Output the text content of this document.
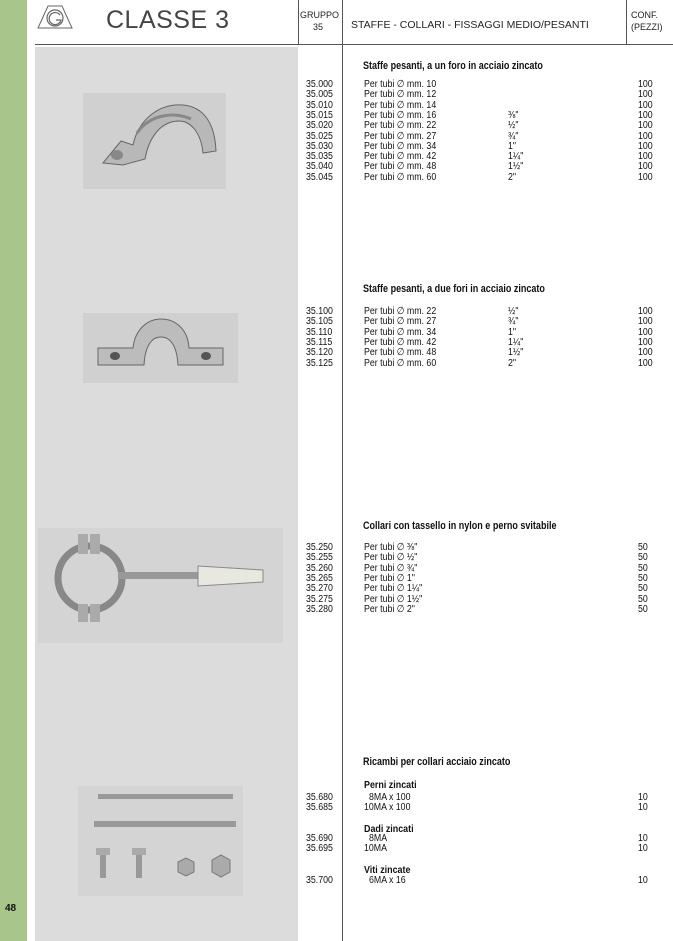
48
CLASSE 3	GRUPPO
35	STAFFE - COLLARI - FISSAGGI MEDIO/PESANTI
CONF.
(PEZZI)
Staffe pesanti, a un foro in acciaio zincato
35.000	Per tubi ∅ mm. 10	100
35.005	Per tubi ∅ mm. 12	100
35.010	Per tubi ∅ mm. 14	100
35.015	Per tubi ∅ mm. 16	⅜"	100
35.020	Per tubi ∅ mm. 22	½"	100
35.025	Per tubi ∅ mm. 27	¾"	100
35.030	Per tubi ∅ mm. 34	1"	100
35.035	Per tubi ∅ mm. 42	1¼"	100
35.040	Per tubi ∅ mm. 48	1½"	100
35.045	Per tubi ∅ mm. 60	2"	100
Staffe pesanti, a due fori in acciaio zincato
35.100	Per tubi ∅ mm. 22	½"	100
35.105	Per tubi ∅ mm. 27	¾"	100
35.110	Per tubi ∅ mm. 34	1"	100
35.115	Per tubi ∅ mm. 42	1¼"	100
35.120	Per tubi ∅ mm. 48	1½"	100
35.125	Per tubi ∅ mm. 60	2"	100
Collari con tassello in nylon e perno svitabile
35.250	Per tubi ∅ ⅜"	50
35.255	Per tubi ∅ ½"	50
35.260	Per tubi ∅ ¾"	50
35.265	Per tubi ∅ 1"	50
35.270	Per tubi ∅ 1¼"	50
35.275	Per tubi ∅ 1½"	50
35.280	Per tubi ∅ 2"	50
Ricambi per collari acciaio zincato
Perni zincati
Dadi zincati
Viti zincate
35.680	8MA x 100	10
35.685	10MA x 100	10
35.690	8MA	10
35.695	10MA	10
35.700	6MA x 16	10
